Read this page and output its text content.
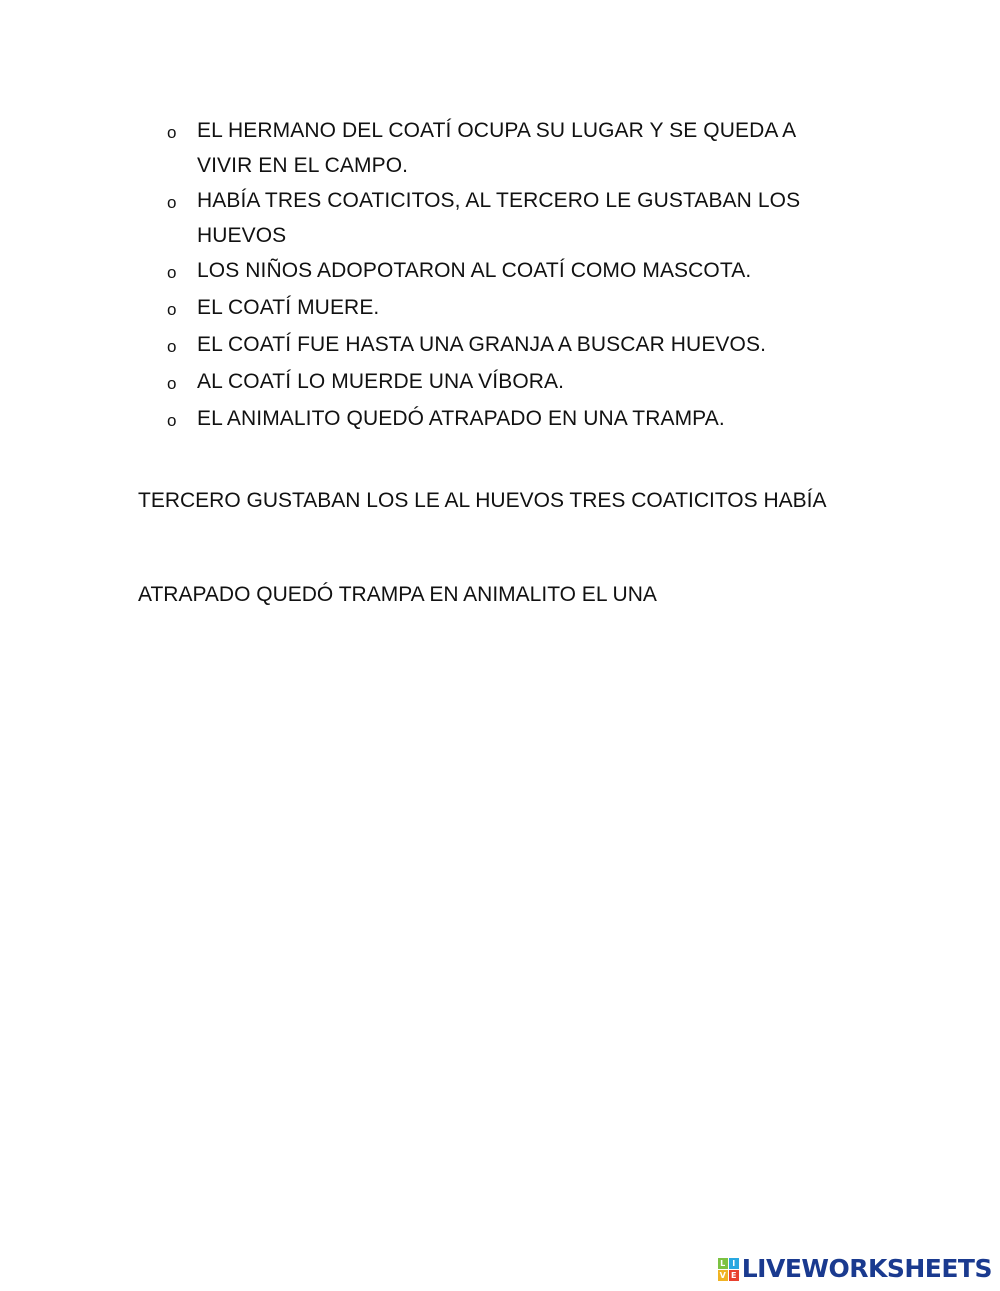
o EL HERMANO DEL COATÍ OCUPA SU LUGAR Y SE QUEDA A VIVIR EN EL CAMPO.
o HABÍA TRES COATICITOS, AL TERCERO LE GUSTABAN LOS HUEVOS
o LOS NIÑOS ADOPOTARON AL COATÍ COMO MASCOTA.
o EL COATÍ MUERE.
o EL COATÍ FUE HASTA UNA GRANJA A BUSCAR HUEVOS.
o AL COATÍ LO MUERDE UNA VÍBORA.
o EL ANIMALITO QUEDÓ ATRAPADO EN UNA TRAMPA.

TERCERO GUSTABAN LOS LE AL HUEVOS TRES COATICITOS HABÍA

ATRAPADO QUEDÓ TRAMPA EN ANIMALITO EL UNA

L I
V E LIVEWORKSHEETS
